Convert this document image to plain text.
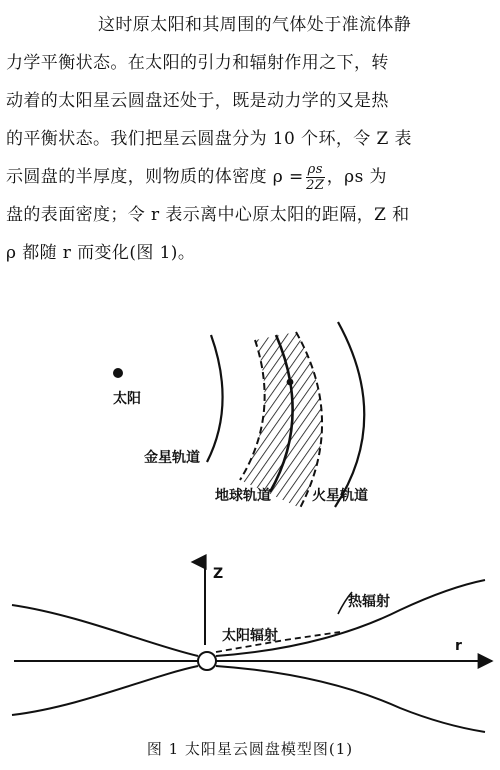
这时原太阳和其周围的气体处于准流体静
力学平衡状态。在太阳的引力和辐射作用之下，转
动着的太阳星云圆盘还处于，既是动力学的又是热
的平衡状态。我们把星云圆盘分为 10 个环，令 Z 表
示圆盘的半厚度，则物质的体密度 $\rho = \frac{\rho s}{2Z}$ ，ρs 为
盘的表面密度；令 r 表示离中心原太阳的距隔，Z 和
ρ 都随 r 而变化(图 1)。
太阳
金星轨道
地球轨道	火星轨道
Z
r
太阳辐射
热辐射
图 1 太阳星云圆盘模型图(1)
